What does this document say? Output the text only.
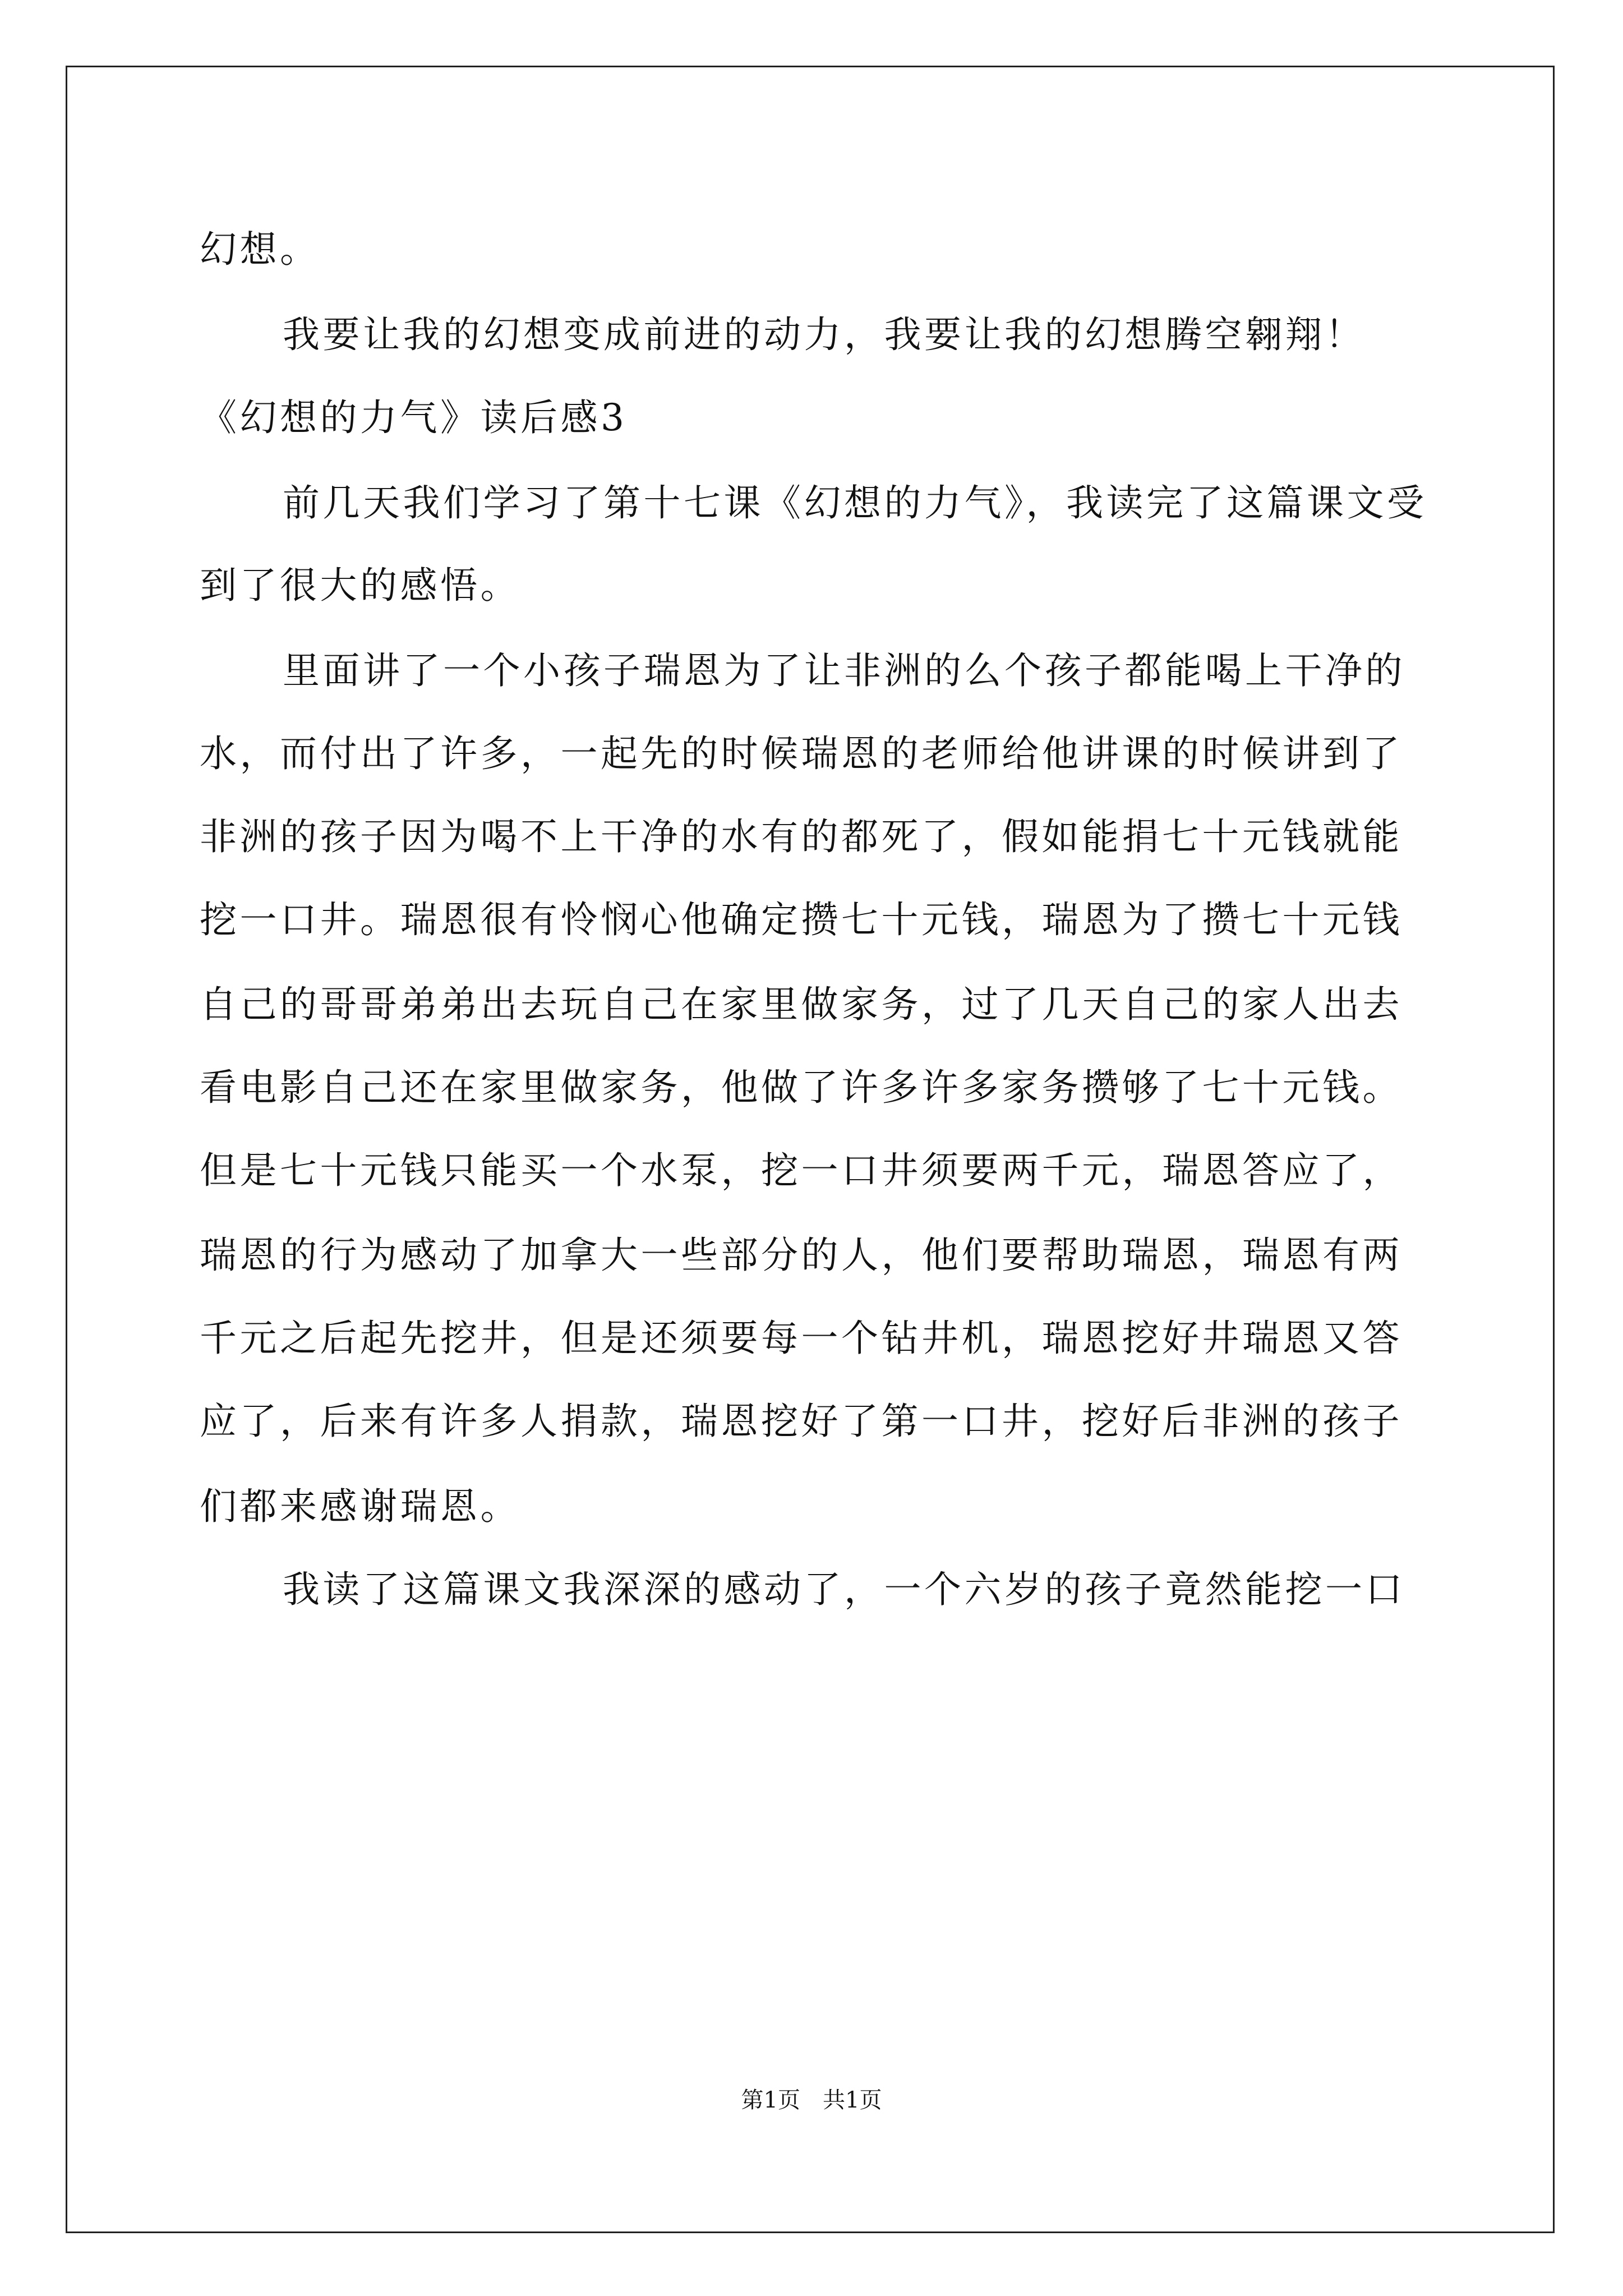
幻想。
我要让我的幻想变成前进的动力，我要让我的幻想腾空翱翔！
《幻想的力气》读后感3
前几天我们学习了第十七课《幻想的力气》，我读完了这篇课文受
到了很大的感悟。
里面讲了一个小孩子瑞恩为了让非洲的么个孩子都能喝上干净的
水，而付出了许多，一起先的时候瑞恩的老师给他讲课的时候讲到了
非洲的孩子因为喝不上干净的水有的都死了，假如能捐七十元钱就能
挖一口井。瑞恩很有怜悯心他确定攒七十元钱，瑞恩为了攒七十元钱
自己的哥哥弟弟出去玩自己在家里做家务，过了几天自己的家人出去
看电影自己还在家里做家务，他做了许多许多家务攒够了七十元钱。
但是七十元钱只能买一个水泵，挖一口井须要两千元，瑞恩答应了，
瑞恩的行为感动了加拿大一些部分的人，他们要帮助瑞恩，瑞恩有两
千元之后起先挖井，但是还须要每一个钻井机，瑞恩挖好井瑞恩又答
应了，后来有许多人捐款，瑞恩挖好了第一口井，挖好后非洲的孩子
们都来感谢瑞恩。
我读了这篇课文我深深的感动了，一个六岁的孩子竟然能挖一口
第1页 共1页
